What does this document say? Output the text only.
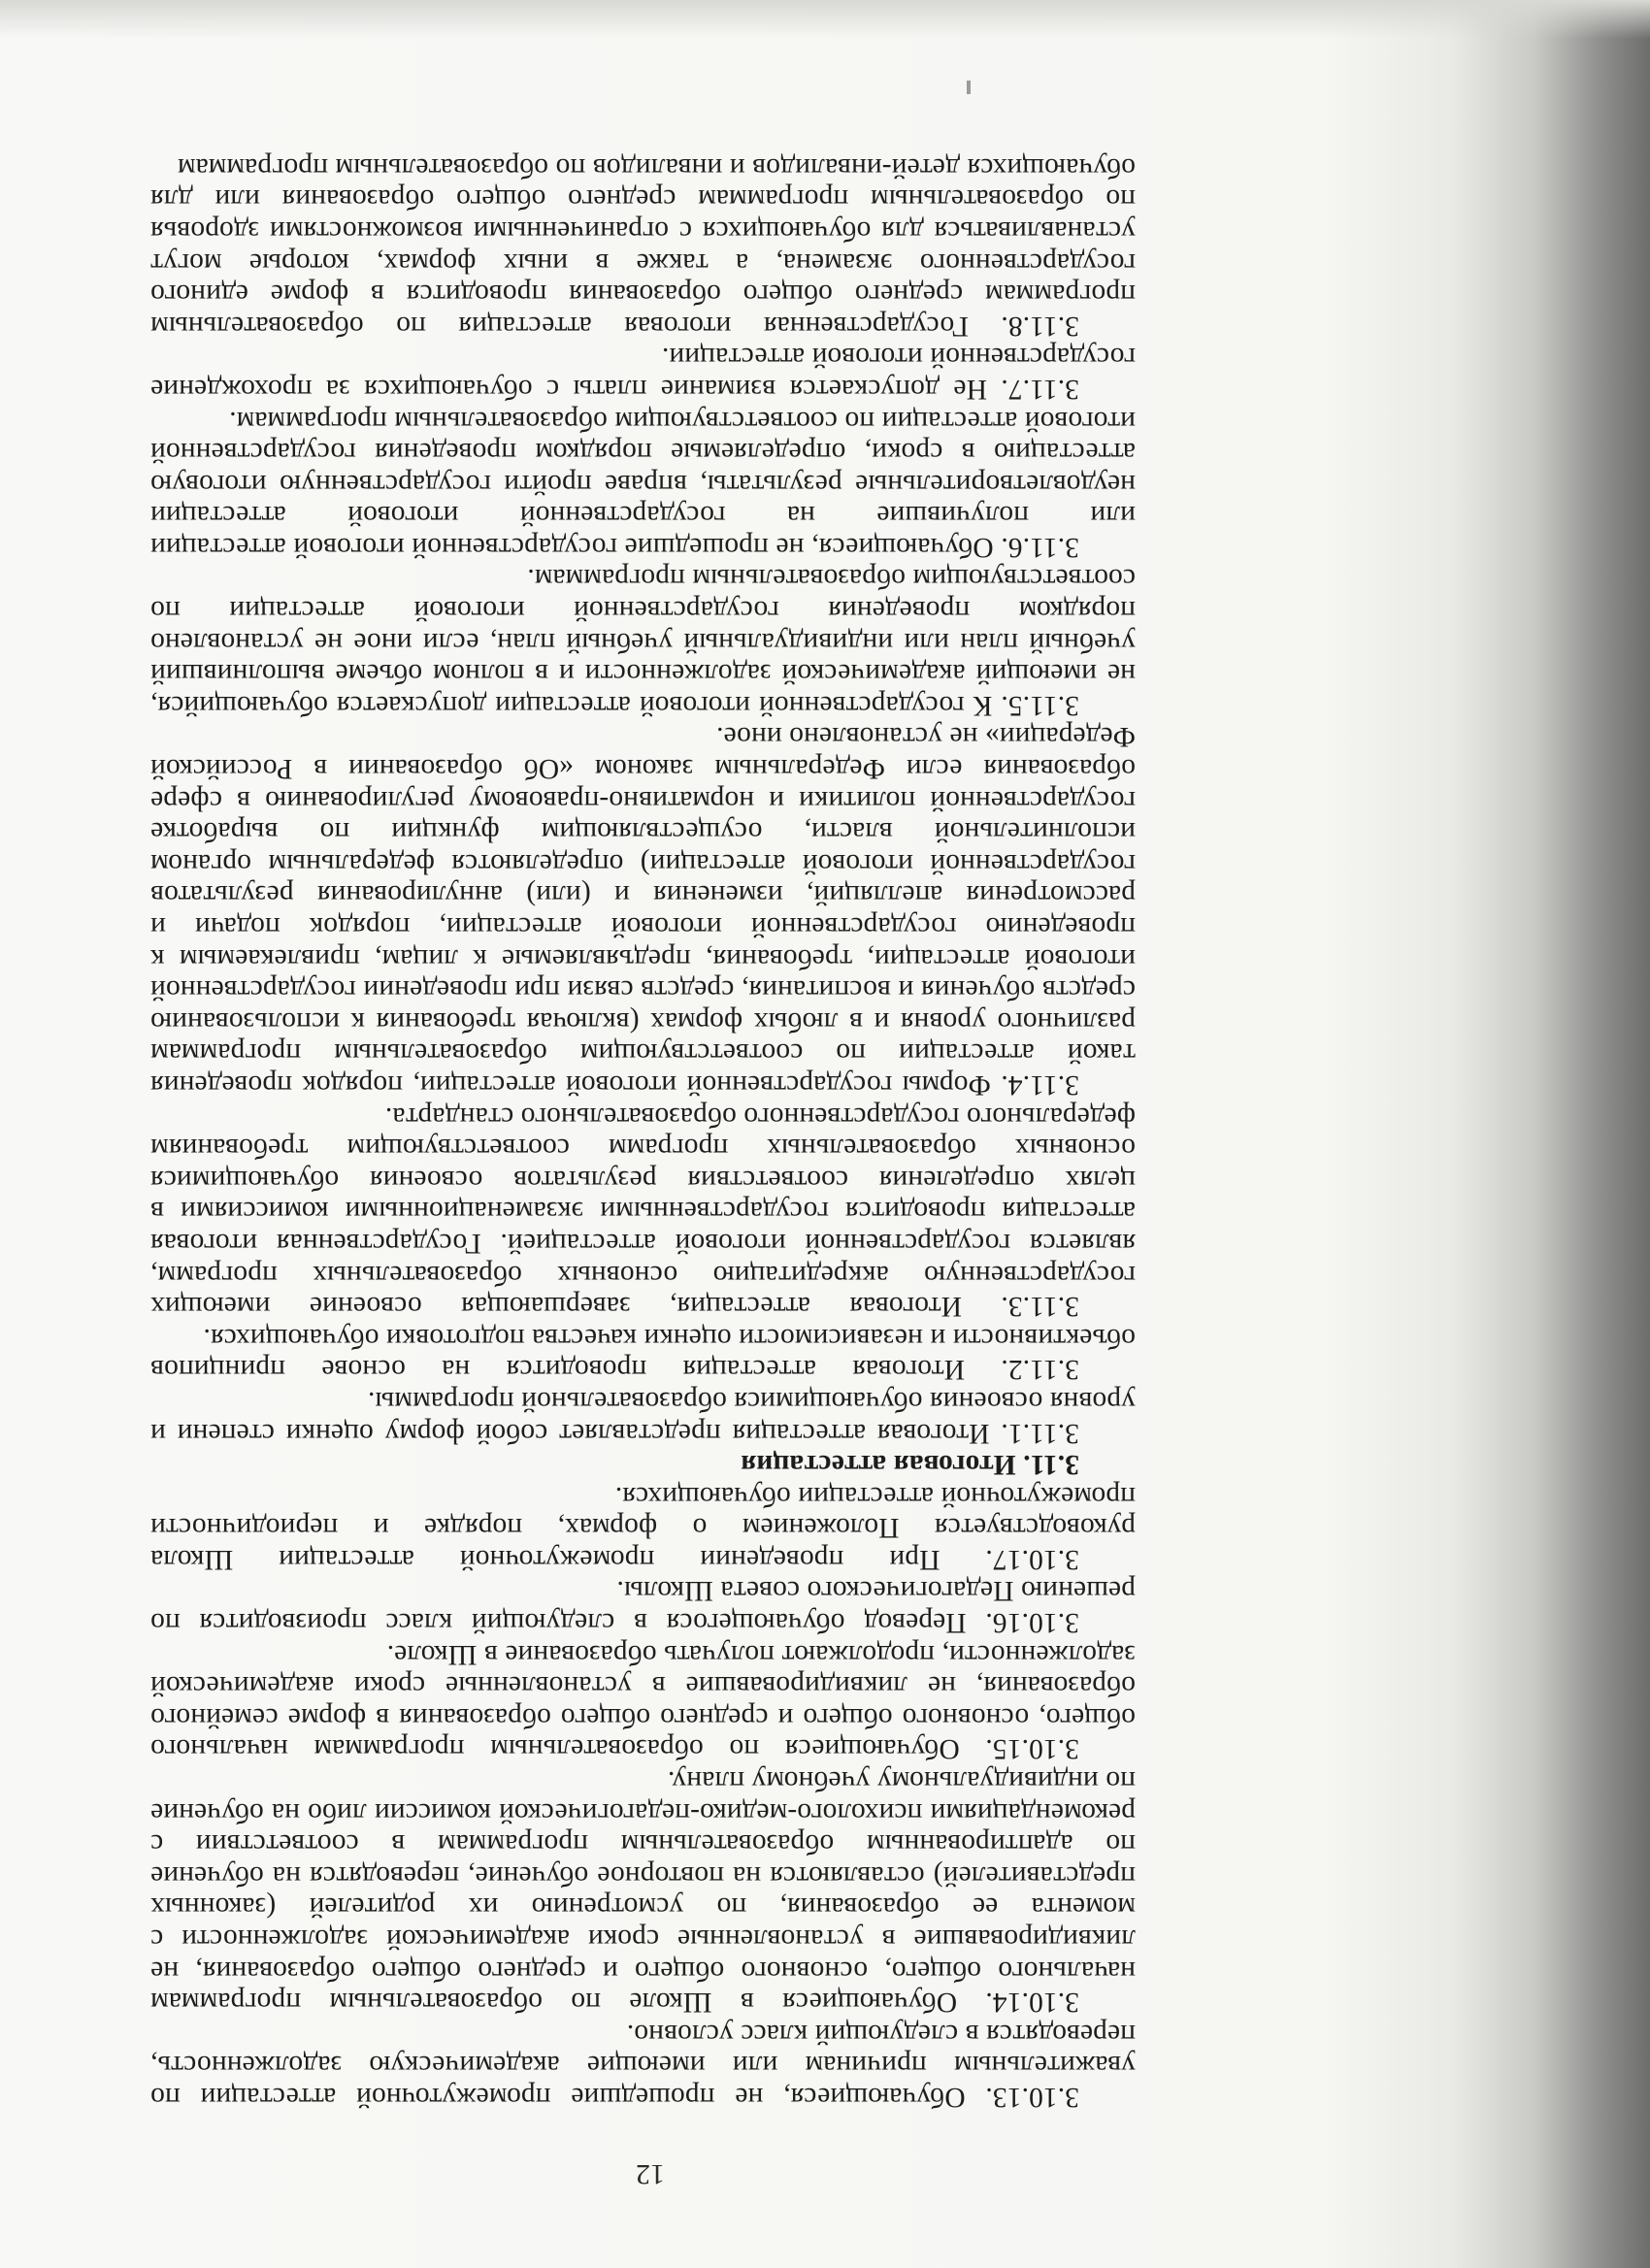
12

3.10.13. Обучающиеся, не прошедшие промежуточной аттестации по уважительным причинам или имеющие академическую задолженность, переводятся в следующий класс условно.

3.10.14. Обучающиеся в Школе по образовательным программам начального общего, основного общего и среднего общего образования, не ликвидировавшие в установленные сроки академической задолженности с момента ее образования, по усмотрению их родителей (законных представителей) оставляются на повторное обучение, переводятся на обучение по адаптированным образовательным программам в соответствии с рекомендациями психолого-медико-педагогической комиссии либо на обучение по индивидуальному учебному плану.

3.10.15. Обучающиеся по образовательным программам начального общего, основного общего и среднего общего образования в форме семейного образования, не ликвидировавшие в установленные сроки академической задолженности, продолжают получать образование в Школе.

3.10.16. Перевод обучающегося в следующий класс производится по решению Педагогического совета Школы.

3.10.17. При проведении промежуточной аттестации Школа руководствуется Положением о формах, порядке и периодичности промежуточной аттестации обучающихся.

3.11. Итоговая аттестация

3.11.1. Итоговая аттестация представляет собой форму оценки степени и уровня освоения обучающимися образовательной программы.

3.11.2. Итоговая аттестация проводится на основе принципов объективности и независимости оценки качества подготовки обучающихся.

3.11.3. Итоговая аттестация, завершающая освоение имеющих государственную аккредитацию основных образовательных программ, является государственной итоговой аттестацией. Государственная итоговая аттестация проводится государственными экзаменационными комиссиями в целях определения соответствия результатов освоения обучающимися основных образовательных программ соответствующим требованиям федерального государственного образовательного стандарта.

3.11.4. Формы государственной итоговой аттестации, порядок проведения такой аттестации по соответствующим образовательным программам различного уровня и в любых формах (включая требования к использованию средств обучения и воспитания, средств связи при проведении государственной итоговой аттестации, требования, предъявляемые к лицам, привлекаемым к проведению государственной итоговой аттестации, порядок подачи и рассмотрения апелляций, изменения и (или) аннулирования результатов государственной итоговой аттестации) определяются федеральным органом исполнительной власти, осуществляющим функции по выработке государственной политики и нормативно-правовому регулированию в сфере образования если Федеральным законом «Об образовании в Российской Федерации» не установлено иное.

3.11.5. К государственной итоговой аттестации допускается обучающийся, не имеющий академической задолженности и в полном объеме выполнивший учебный план или индивидуальный учебный план, если иное не установлено порядком проведения государственной итоговой аттестации по соответствующим образовательным программам.

3.11.6. Обучающиеся, не прошедшие государственной итоговой аттестации или получившие на государственной итоговой аттестации неудовлетворительные результаты, вправе пройти государственную итоговую аттестацию в сроки, определяемые порядком проведения государственной итоговой аттестации по соответствующим образовательным программам.

3.11.7. Не допускается взимание платы с обучающихся за прохождение государственной итоговой аттестации.

3.11.8. Государственная итоговая аттестация по образовательным программам среднего общего образования проводится в форме единого государственного экзамена, а также в иных формах, которые могут устанавливаться для обучающихся с ограниченными возможностями здоровья по образовательным программам среднего общего образования или для обучающихся детей-инвалидов и инвалидов по образовательным программам
